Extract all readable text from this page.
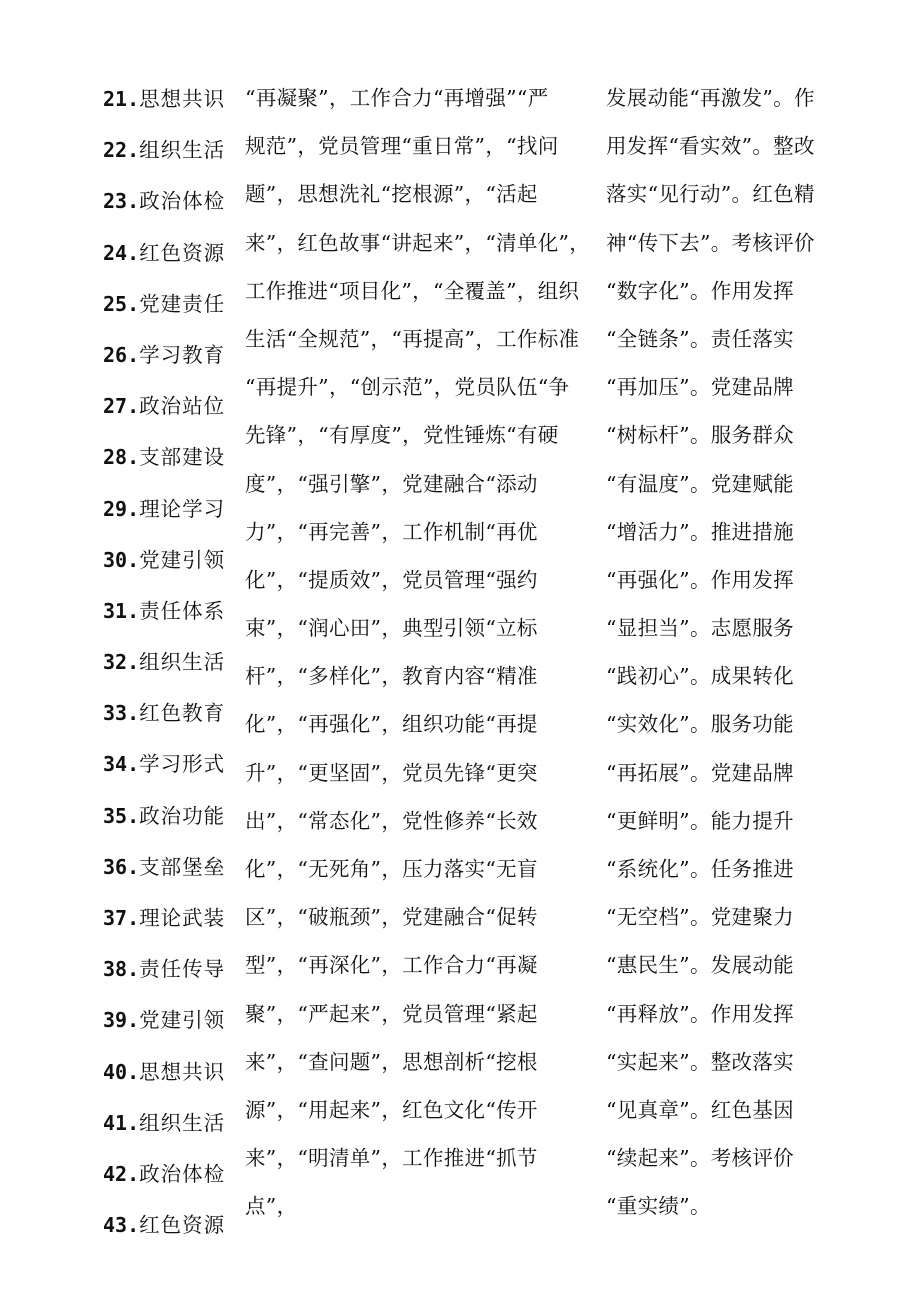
21.思想共识
22.组织生活
23.政治体检
24.红色资源
25.党建责任
26.学习教育
27.政治站位
28.支部建设
29.理论学习
30.党建引领
31.责任体系
32.组织生活
33.红色教育
34.学习形式
35.政治功能
36.支部堡垒
37.理论武装
38.责任传导
39.党建引领
40.思想共识
41.组织生活
42.政治体检
43.红色资源
“再凝聚”，工作合力“再增强”“严
规范”，党员管理“重日常”，“找问
题”，思想洗礼“挖根源”，“活起
来”，红色故事“讲起来”，“清单化”，
工作推进“项目化”，“全覆盖”，组织
生活“全规范”，“再提高”，工作标准
“再提升”，“创示范”，党员队伍“争
先锋”，“有厚度”，党性锤炼“有硬
度”，“强引擎”，党建融合“添动
力”，“再完善”，工作机制“再优
化”，“提质效”，党员管理“强约
束”，“润心田”，典型引领“立标
杆”，“多样化”，教育内容“精准
化”，“再强化”，组织功能“再提
升”，“更坚固”，党员先锋“更突
出”，“常态化”，党性修养“长效
化”，“无死角”，压力落实“无盲
区”，“破瓶颈”，党建融合“促转
型”，“再深化”，工作合力“再凝
聚”，“严起来”，党员管理“紧起
来”，“查问题”，思想剖析“挖根
源”，“用起来”，红色文化“传开
来”，“明清单”，工作推进“抓节
点”，
发展动能“再激发”。作
用发挥“看实效”。整改
落实“见行动”。红色精
神“传下去”。考核评价
“数字化”。作用发挥
“全链条”。责任落实
“再加压”。党建品牌
“树标杆”。服务群众
“有温度”。党建赋能
“增活力”。推进措施
“再强化”。作用发挥
“显担当”。志愿服务
“践初心”。成果转化
“实效化”。服务功能
“再拓展”。党建品牌
“更鲜明”。能力提升
“系统化”。任务推进
“无空档”。党建聚力
“惠民生”。发展动能
“再释放”。作用发挥
“实起来”。整改落实
“见真章”。红色基因
“续起来”。考核评价
“重实绩”。
